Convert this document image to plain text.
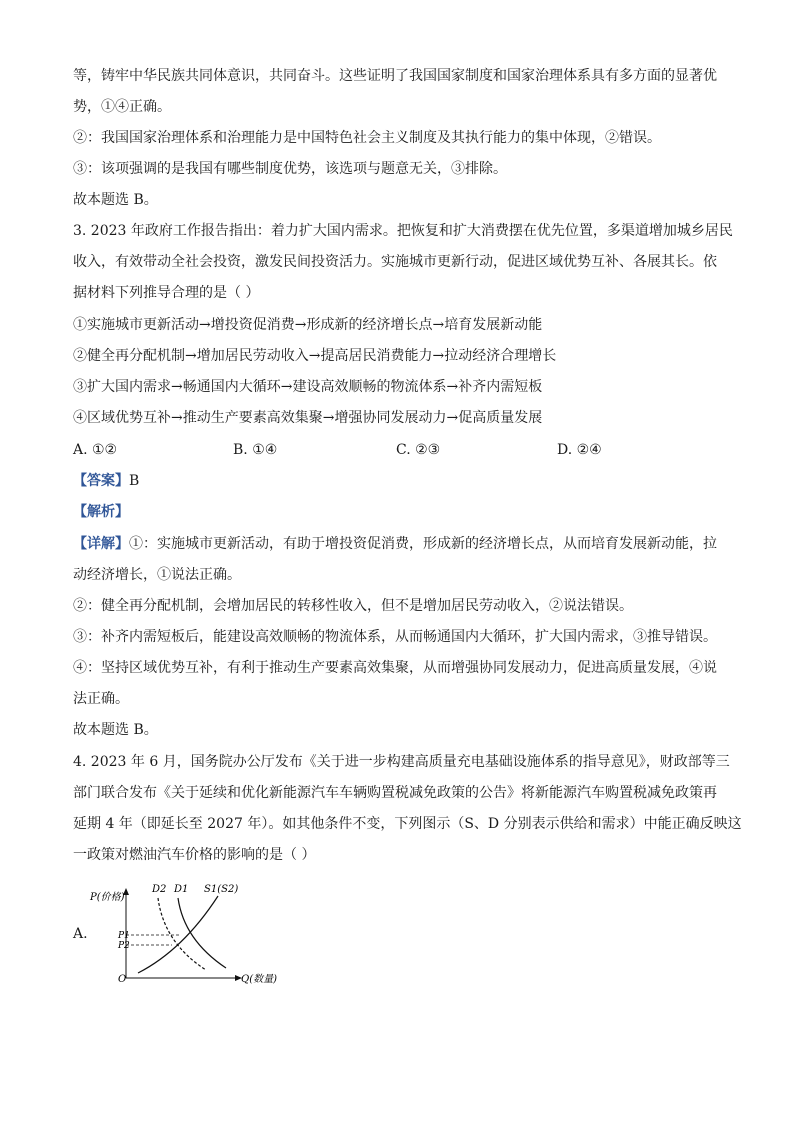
等，铸牢中华民族共同体意识，共同奋斗。这些证明了我国国家制度和国家治理体系具有多方面的显著优
势，①④正确。
②：我国国家治理体系和治理能力是中国特色社会主义制度及其执行能力的集中体现，②错误。
③：该项强调的是我国有哪些制度优势，该选项与题意无关，③排除。
故本题选 B。
3. 2023 年政府工作报告指出：着力扩大国内需求。把恢复和扩大消费摆在优先位置，多渠道增加城乡居民
收入，有效带动全社会投资，激发民间投资活力。实施城市更新行动，促进区域优势互补、各展其长。依
据材料下列推导合理的是（ ）
①实施城市更新活动→增投资促消费→形成新的经济增长点→培育发展新动能
②健全再分配机制→增加居民劳动收入→提高居民消费能力→拉动经济合理增长
③扩大国内需求→畅通国内大循环→建设高效顺畅的物流体系→补齐内需短板
④区域优势互补→推动生产要素高效集聚→增强协同发展动力→促高质量发展
A. ①②	B. ①④	C. ②③	D. ②④
【答案】B
【解析】
【详解】①：实施城市更新活动，有助于增投资促消费，形成新的经济增长点，从而培育发展新动能，拉
动经济增长，①说法正确。
②：健全再分配机制，会增加居民的转移性收入，但不是增加居民劳动收入，②说法错误。
③：补齐内需短板后，能建设高效顺畅的物流体系，从而畅通国内大循环，扩大国内需求，③推导错误。
④：坚持区域优势互补，有利于推动生产要素高效集聚，从而增强协同发展动力，促进高质量发展，④说
法正确。
故本题选 B。
4. 2023 年 6 月，国务院办公厅发布《关于进一步构建高质量充电基础设施体系的指导意见》，财政部等三
部门联合发布《关于延续和优化新能源汽车车辆购置税减免政策的公告》将新能源汽车购置税减免政策再
延期 4 年（即延长至 2027 年）。如其他条件不变，下列图示（S、D 分别表示供给和需求）中能正确反映这
一政策对燃油汽车价格的影响的是（ ）
A.
P(价格)
Q(数量)
O
P1
P2
D2 D1 S1(S2)
